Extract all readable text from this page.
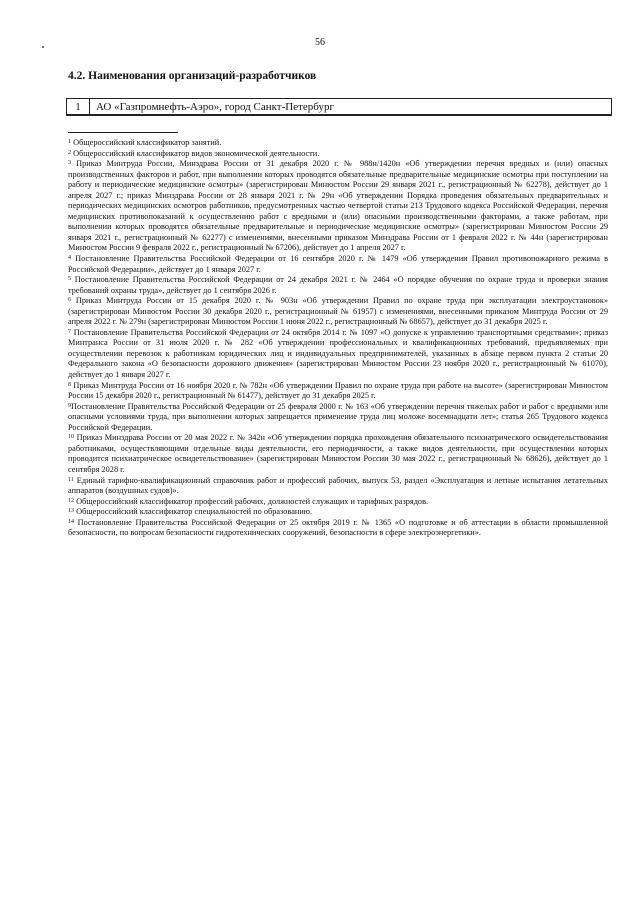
56
4.2. Наименования организаций-разработчиков
1	АО «Газпромнефть-Аэро», город Санкт-Петербург

$^1$ Общероссийский классификатор занятий.

$^2$ Общероссийский классификатор видов экономической деятельности.

$^3$ Приказ Минтруда России, Минздрава России от 31 декабря 2020 г. № 988н/1420н «Об утверждении перечня вредных и (или) опасных производственных факторов и работ, при выполнении которых проводятся обязательные предварительные медицинские осмотры при поступлении на работу и периодические медицинские осмотры» (зарегистрирован Минюстом России 29 января 2021 г., регистрационный № 62278), действует до 1 апреля 2027 г.; приказ Минздрава России от 28 января 2021 г. № 29н «Об утверждении Порядка проведения обязательных предварительных и периодических медицинских осмотров работников, предусмотренных частью четвертой статьи 213 Трудового кодекса Российской Федерации, перечня медицинских противопоказаний к осуществлению работ с вредными и (или) опасными производственными факторами, а также работам, при выполнении которых проводятся обязательные предварительные и периодические медицинские осмотры» (зарегистрирован Минюстом России 29 января 2021 г., регистрационный № 62277) с изменениями, внесенными приказом Минздрава России от 1 февраля 2022 г. № 44н (зарегистрирован Минюстом России 9 февраля 2022 г., регистрационный № 67206), действует до 1 апреля 2027 г.

$^4$ Постановление Правительства Российской Федерации от 16 сентября 2020 г. № 1479 «Об утверждении Правил противопожарного режима в Российской Федерации», действует до 1 января 2027 г.

$^5$ Постановление Правительства Российской Федерации от 24 декабря 2021 г. № 2464 «О порядке обучения по охране труда и проверки знания требований охраны труда», действует до 1 сентября 2026 г.

$^6$ Приказ Минтруда России от 15 декабря 2020 г. № 903н «Об утверждении Правил по охране труда при эксплуатации электроустановок» (зарегистрирован Минюстом России 30 декабря 2020 г., регистрационный № 61957) с изменениями, внесенными приказом Минтруда России от 29 апреля 2022 г. № 279н (зарегистрирован Минюстом России 1 июня 2022 г., регистрационный № 68657), действует до 31 декабря 2025 г.

$^7$ Постановление Правительства Российской Федерации от 24 октября 2014 г. № 1097 «О допуске к управлению транспортными средствами»; приказ Минтранса России от 31 июля 2020 г. № 282 «Об утверждении профессиональных и квалификационных требований, предъявляемых при осуществлении перевозок к работникам юридических лиц и индивидуальных предпринимателей, указанных в абзаце первом пункта 2 статьи 20 Федерального закона «О безопасности дорожного движения» (зарегистрирован Минюстом России 23 ноября 2020 г., регистрационный № 61070), действует до 1 января 2027 г.

$^8$ Приказ Минтруда России от 16 ноября 2020 г. № 782н «Об утверждении Правил по охране труда при работе на высоте» (зарегистрирован Минюстом России 15 декабря 2020 г., регистрационный № 61477), действует до 31 декабря 2025 г.

$^9$Постановление Правительства Российской Федерации от 25 февраля 2000 г. № 163 «Об утверждении перечня тяжелых работ и работ с вредными или опасными условиями труда, при выполнении которых запрещается применение труда лиц моложе восемнадцати лет»; статья 265 Трудового кодекса Российской Федерации.

$^{10}$ Приказ Минздрава России от 20 мая 2022 г. № 342н «Об утверждении порядка прохождения обязательного психиатрического освидетельствования работниками, осуществляющими отдельные виды деятельности, его периодичности, а также видов деятельности, при осуществлении которых проводится психиатрическое освидетельствование» (зарегистрирован Минюстом России 30 мая 2022 г., регистрационный № 68626), действует до 1 сентября 2028 г.

$^{11}$ Единый тарифно-квалификационный справочник работ и профессий рабочих, выпуск 53, раздел «Эксплуатация и летные испытания летательных аппаратов (воздушных судов)».

$^{12}$ Общероссийский классификатор профессий рабочих, должностей служащих и тарифных разрядов.

$^{13}$ Общероссийский классификатор специальностей по образованию.

$^{14}$ Постановление Правительства Российской Федерации от 25 октября 2019 г. № 1365 «О подготовке и об аттестации в области промышленной безопасности, по вопросам безопасности гидротехнических сооружений, безопасности в сфере электроэнергетики».
